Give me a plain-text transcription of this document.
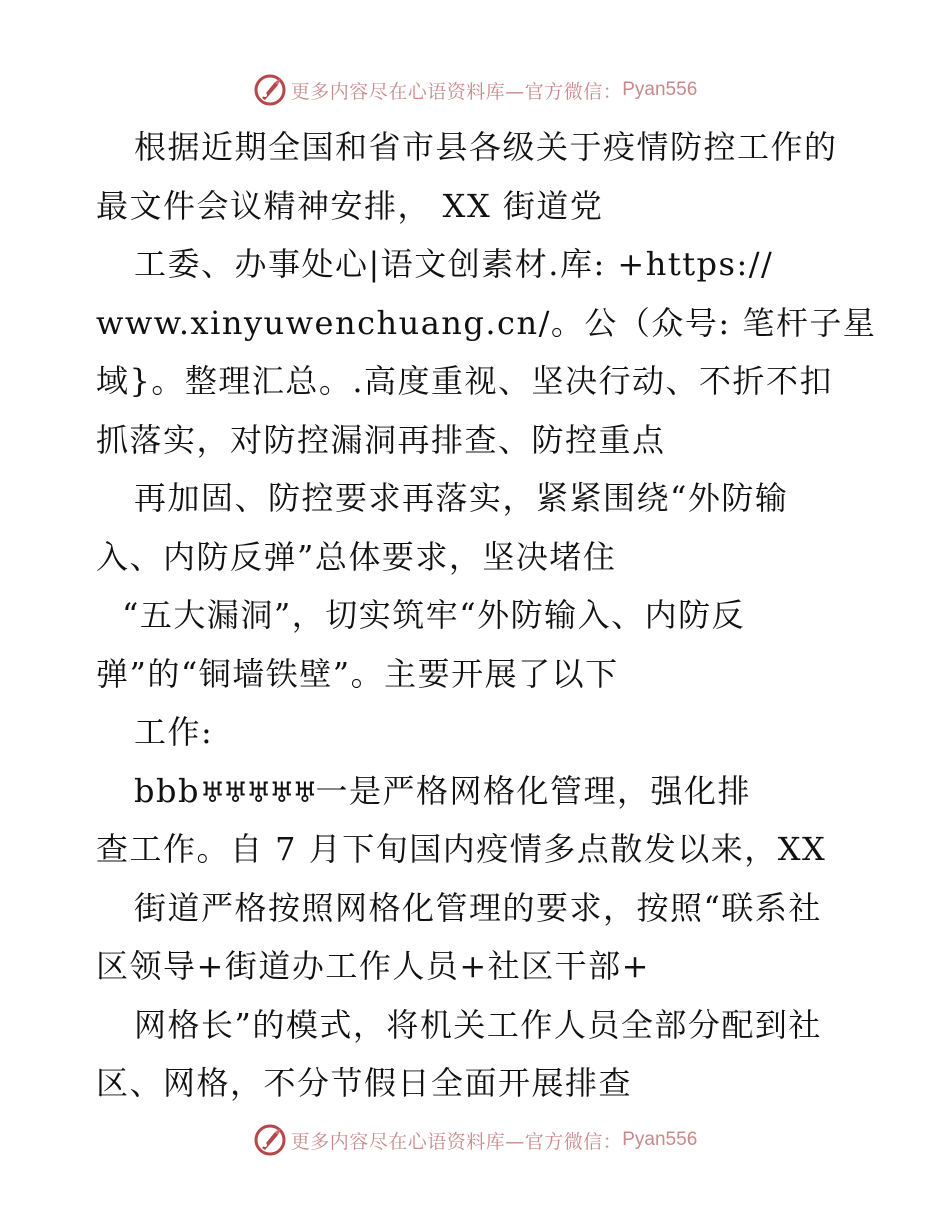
更多内容尽在心语资料库—官方微信： Pyan556
根据近期全国和省市县各级关于疫情防控工作的
最文件会议精神安排， XX 街道党
工委、办事处心|语文创素材.库: +https://
www.xinyuwenchuang.cn/。公（众号: 笔杆子星
域}。整理汇总。.高度重视、坚决行动、不折不扣
抓落实，对防控漏洞再排查、防控重点
再加固、防控要求再落实，紧紧围绕“外防输
入、内防反弹”总体要求，坚决堵住
“五大漏洞”，切实筑牢“外防输入、内防反
弹”的“铜墙铁壁”。主要开展了以下
工作:
bbb♅♅♅♅♅一是严格网格化管理，强化排
查工作。自 7 月下旬国内疫情多点散发以来，XX
街道严格按照网格化管理的要求，按照“联系社
区领导+街道办工作人员+社区干部+
网格长”的模式，将机关工作人员全部分配到社
区、网格，不分节假日全面开展排查
更多内容尽在心语资料库—官方微信： Pyan556
